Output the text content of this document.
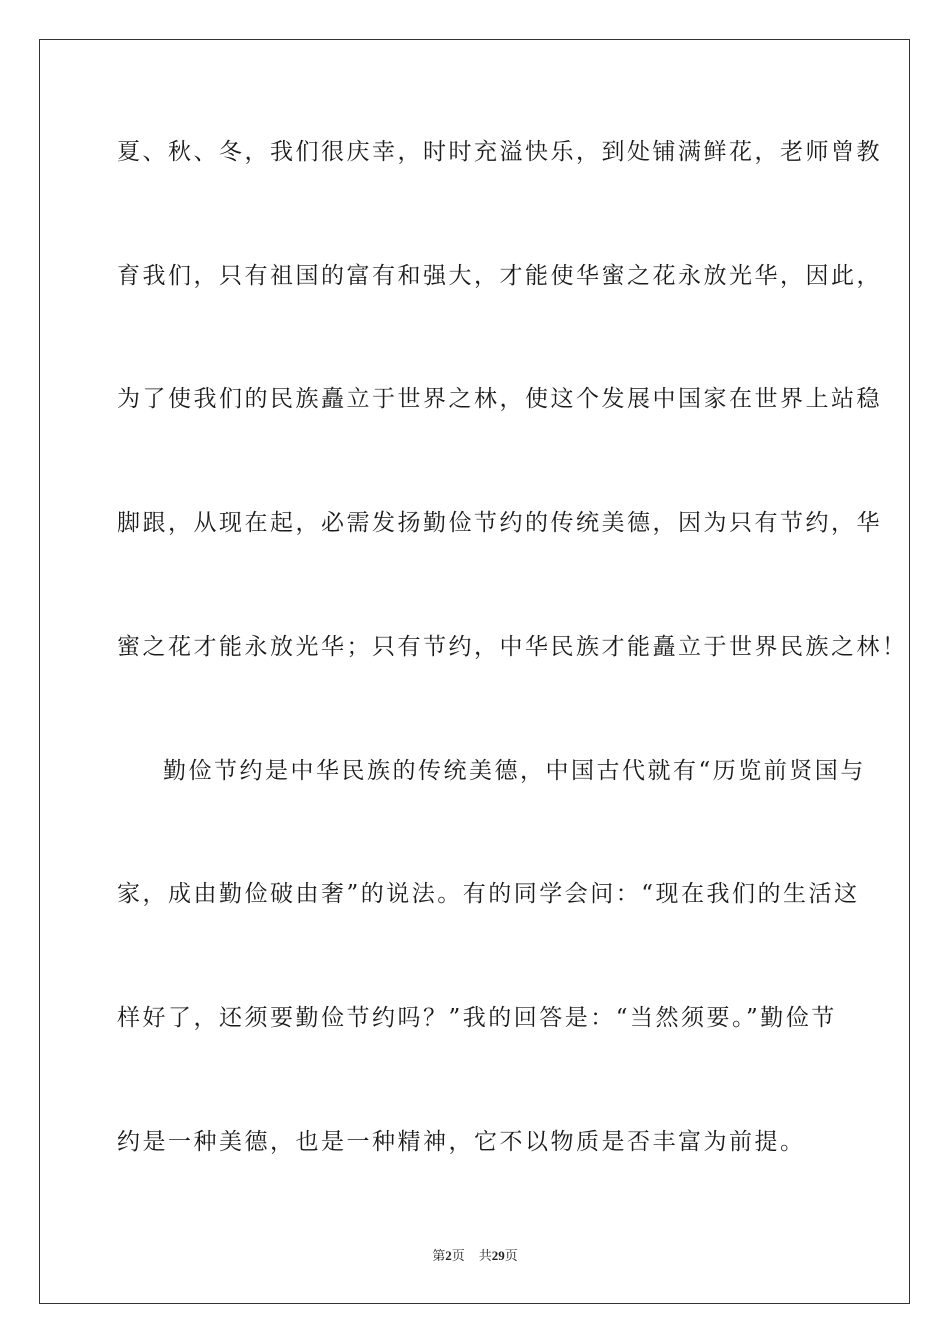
夏、秋、冬，我们很庆幸，时时充溢快乐，到处铺满鲜花，老师曾教
育我们，只有祖国的富有和强大，才能使华蜜之花永放光华，因此，
为了使我们的民族矗立于世界之林，使这个发展中国家在世界上站稳
脚跟，从现在起，必需发扬勤俭节约的传统美德，因为只有节约，华
蜜之花才能永放光华；只有节约，中华民族才能矗立于世界民族之林！
勤俭节约是中华民族的传统美德，中国古代就有“历览前贤国与
家，成由勤俭破由奢”的说法。有的同学会问：“现在我们的生活这
样好了，还须要勤俭节约吗？”我的回答是：“当然须要。”勤俭节
约是一种美德，也是一种精神，它不以物质是否丰富为前提。
第2页 共29页
